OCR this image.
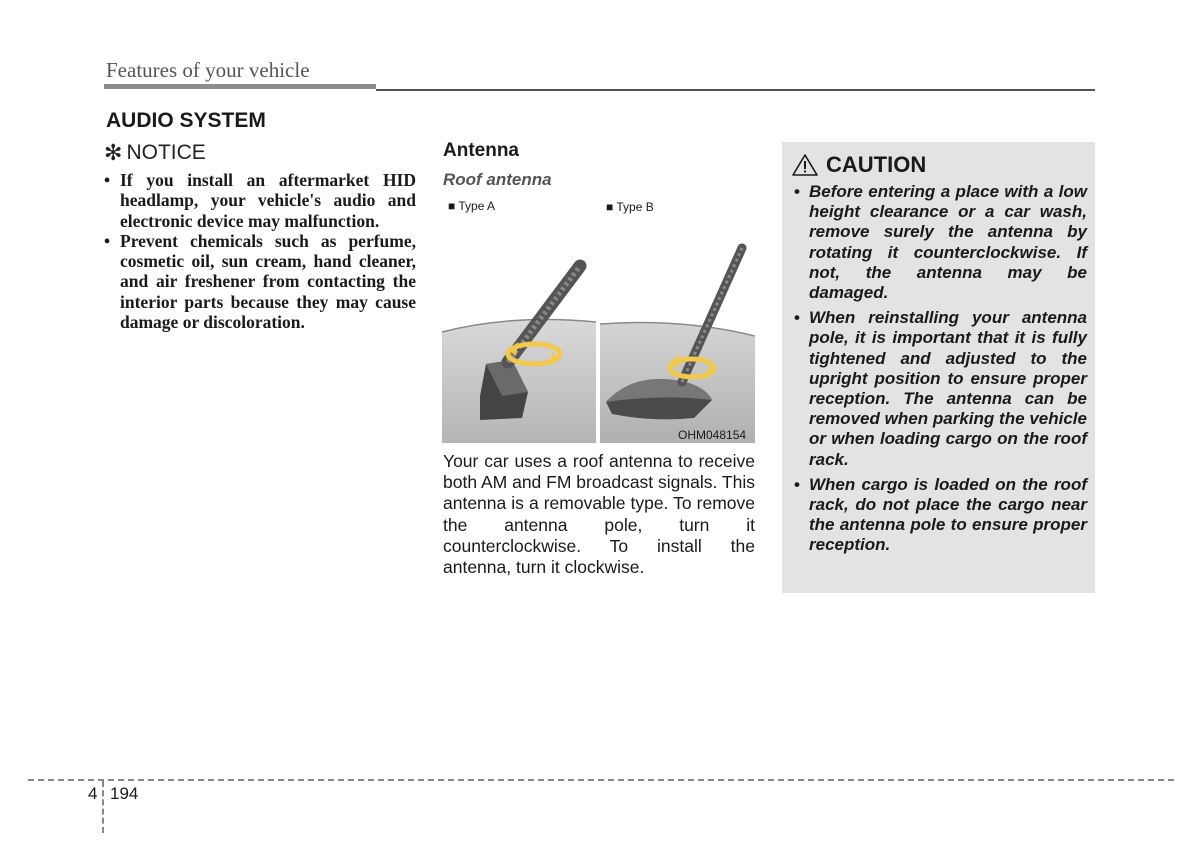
Features of your vehicle
AUDIO SYSTEM
✻ NOTICE
• If you install an aftermarket HID headlamp, your vehicle's audio and electronic device may malfunction.
• Prevent chemicals such as perfume, cosmetic oil, sun cream, hand cleaner, and air freshener from contacting the interior parts because they may cause damage or discoloration.
Antenna
Roof antenna
■ Type A	■ Type B
OHM048154
Your car uses a roof antenna to receive both AM and FM broadcast signals. This antenna is a removable type. To remove the antenna pole, turn it counterclockwise. To install the antenna, turn it clockwise.
CAUTION
• Before entering a place with a low height clearance or a car wash, remove surely the antenna by rotating it counterclockwise. If not, the antenna may be damaged.
• When reinstalling your antenna pole, it is important that it is fully tightened and adjusted to the upright position to ensure proper reception. The antenna can be removed when parking the vehicle or when loading cargo on the roof rack.
• When cargo is loaded on the roof rack, do not place the cargo near the antenna pole to ensure proper reception.
4 194
